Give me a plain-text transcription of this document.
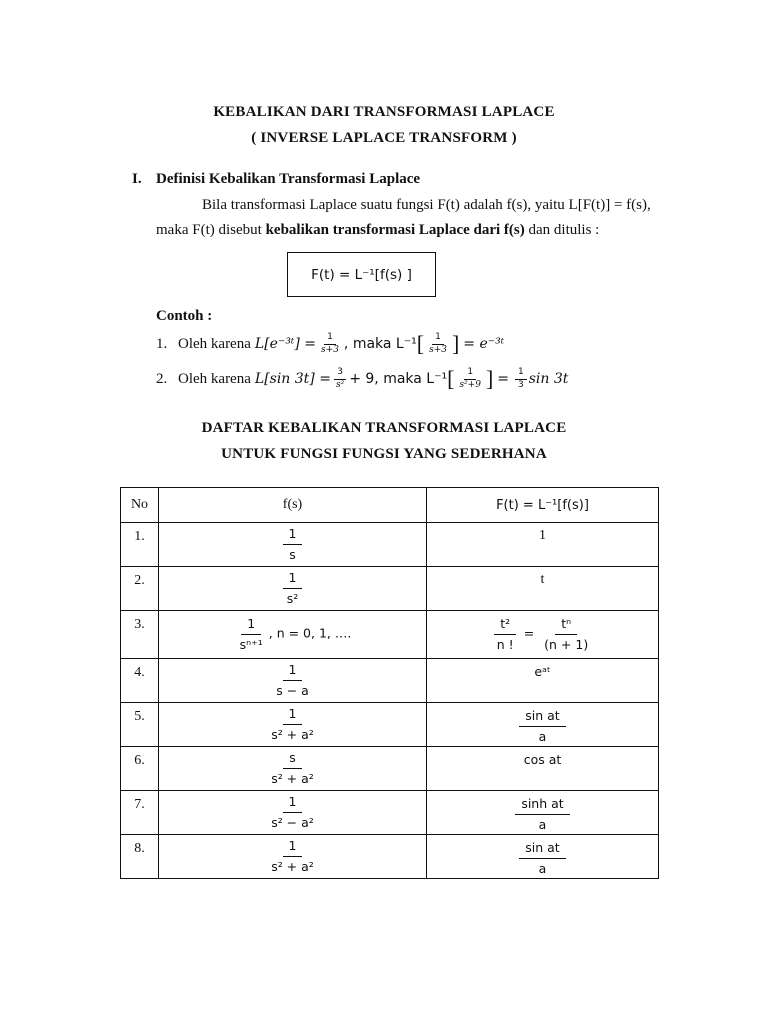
KEBALIKAN DARI TRANSFORMASI LAPLACE
( INVERSE LAPLACE TRANSFORM )
I. Definisi Kebalikan Transformasi Laplace
Bila transformasi Laplace suatu fungsi F(t) adalah f(s), yaitu L[F(t)] = f(s),
maka F(t) disebut kebalikan transformasi Laplace dari f(s) dan ditulis :
F(t) = L⁻¹[f(s) ]
Contoh :
1. Oleh karena L[e⁻³ᵗ] = $\frac{1}{s+3}$ , maka L⁻¹ [ $\frac{1}{s+3}$ ] = e⁻³ᵗ
2. Oleh karena L[sin $3t] = \frac{3}{\text{s²}} + 9$, maka L⁻¹ [ $\frac{1}{\text{s²+9}}$ ] = $\frac{1}{3}$ sin 3t
DAFTAR KEBALIKAN TRANSFORMASI LAPLACE
UNTUK FUNGSI FUNGSI YANG SEDERHANA
No	f(s)	F(t) = L⁻¹[f(s)]
1.	$\frac{1}{s}$	1
2.	$\frac{1}{\text{s²}}$	t
3.	$\frac{1}{\text{sⁿ⁺¹}}$ , n = 0, 1, ….	$\frac{\text{t²}}{n !} = \frac{\text{tⁿ}}{(n + 1)}$

4.	$\frac{1}{s - a}$	eᵃᵗ
5.	$\frac{1}{\text{s² + a²}}$	$\frac{\text{sin at}}{a}$

6.	$\frac{s}{\text{s² + a²}}$	cos at
7.	$\frac{1}{\text{s² − a²}}$	$\frac{\text{sinh at}}{a}$

8.	$\frac{1}{\text{s² + a²}}$	$\frac{\text{sin at}}{a}$
